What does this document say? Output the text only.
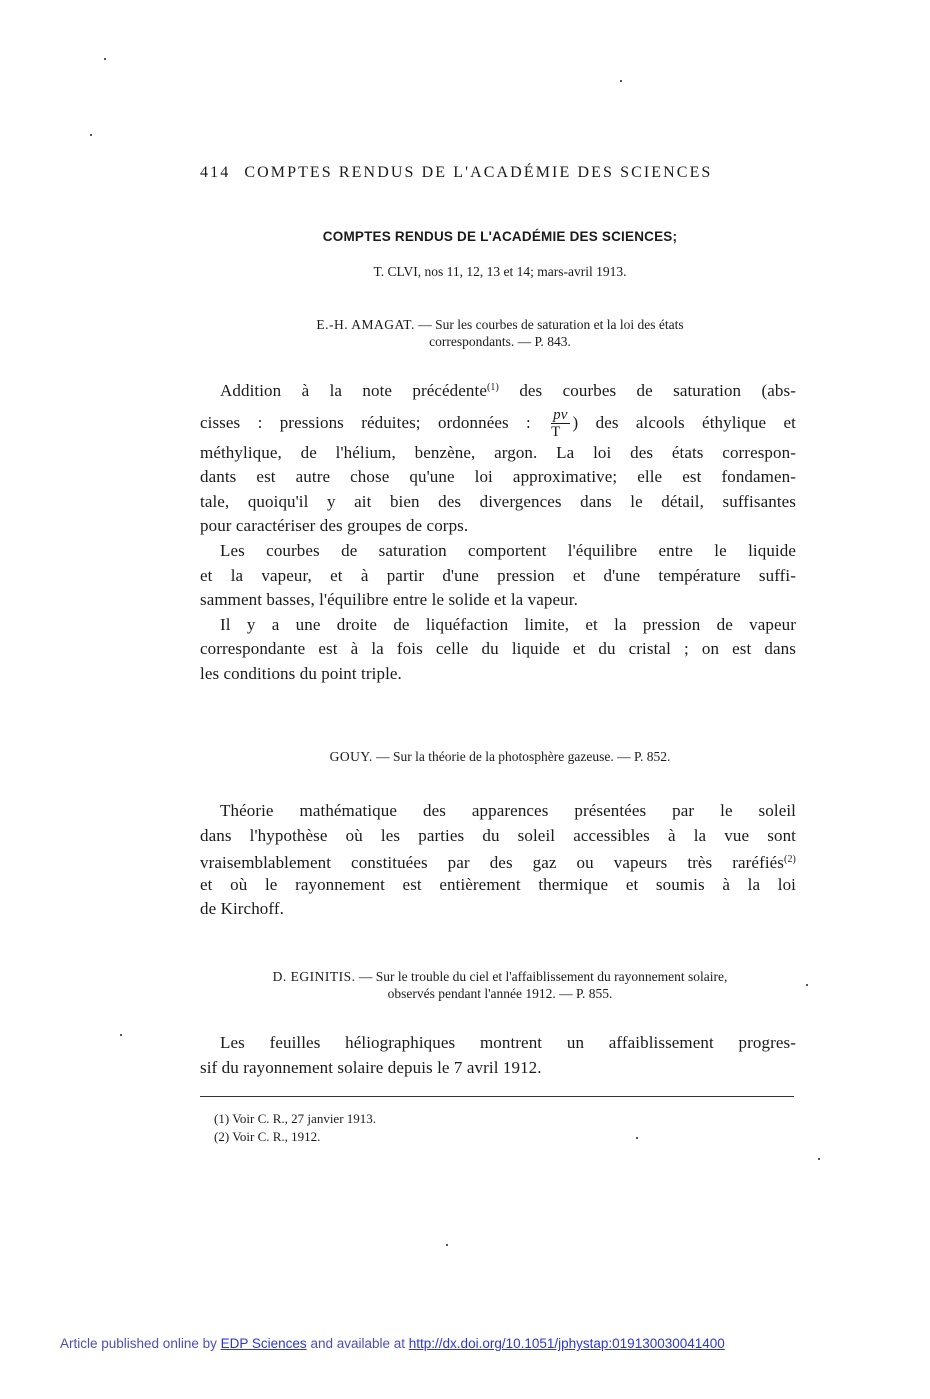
414 COMPTES RENDUS DE L'ACADÉMIE DES SCIENCES
COMPTES RENDUS DE L'ACADÉMIE DES SCIENCES;
T. CLVI, nos 11, 12, 13 et 14; mars-avril 1913.
E.-H. AMAGAT. — Sur les courbes de saturation et la loi des états
correspondants. — P. 843.
Addition à la note précédente$^{(1)}$ des courbes de saturation (abs-
cisses : pressions réduites; ordonnées : $\frac{pv}{T}$ ) des alcools éthylique et
méthylique, de l'hélium, benzène, argon. La loi des états correspon-
dants est autre chose qu'une loi approximative; elle est fondamen-
tale, quoiqu'il y ait bien des divergences dans le détail, suffisantes
pour caractériser des groupes de corps.
Les courbes de saturation comportent l'équilibre entre le liquide
et la vapeur, et à partir d'une pression et d'une température suffi-
samment basses, l'équilibre entre le solide et la vapeur.
Il y a une droite de liquéfaction limite, et la pression de vapeur
correspondante est à la fois celle du liquide et du cristal ; on est dans
les conditions du point triple.
GOUY. — Sur la théorie de la photosphère gazeuse. — P. 852.
Théorie mathématique des apparences présentées par le soleil
dans l'hypothèse où les parties du soleil accessibles à la vue sont
vraisemblablement constituées par des gaz ou vapeurs très raréfiés$^{(2)}$
et où le rayonnement est entièrement thermique et soumis à la loi
de Kirchoff.
D. EGINITIS. — Sur le trouble du ciel et l'affaiblissement du rayonnement solaire,
observés pendant l'année 1912. — P. 855.
Les feuilles héliographiques montrent un affaiblissement progres-
sif du rayonnement solaire depuis le 7 avril 1912.
(1) Voir C. R., 27 janvier 1913.
(2) Voir C. R., 1912.
Article published online by EDP Sciences and available at http://dx.doi.org/10.1051/jphystap:019130030041400
